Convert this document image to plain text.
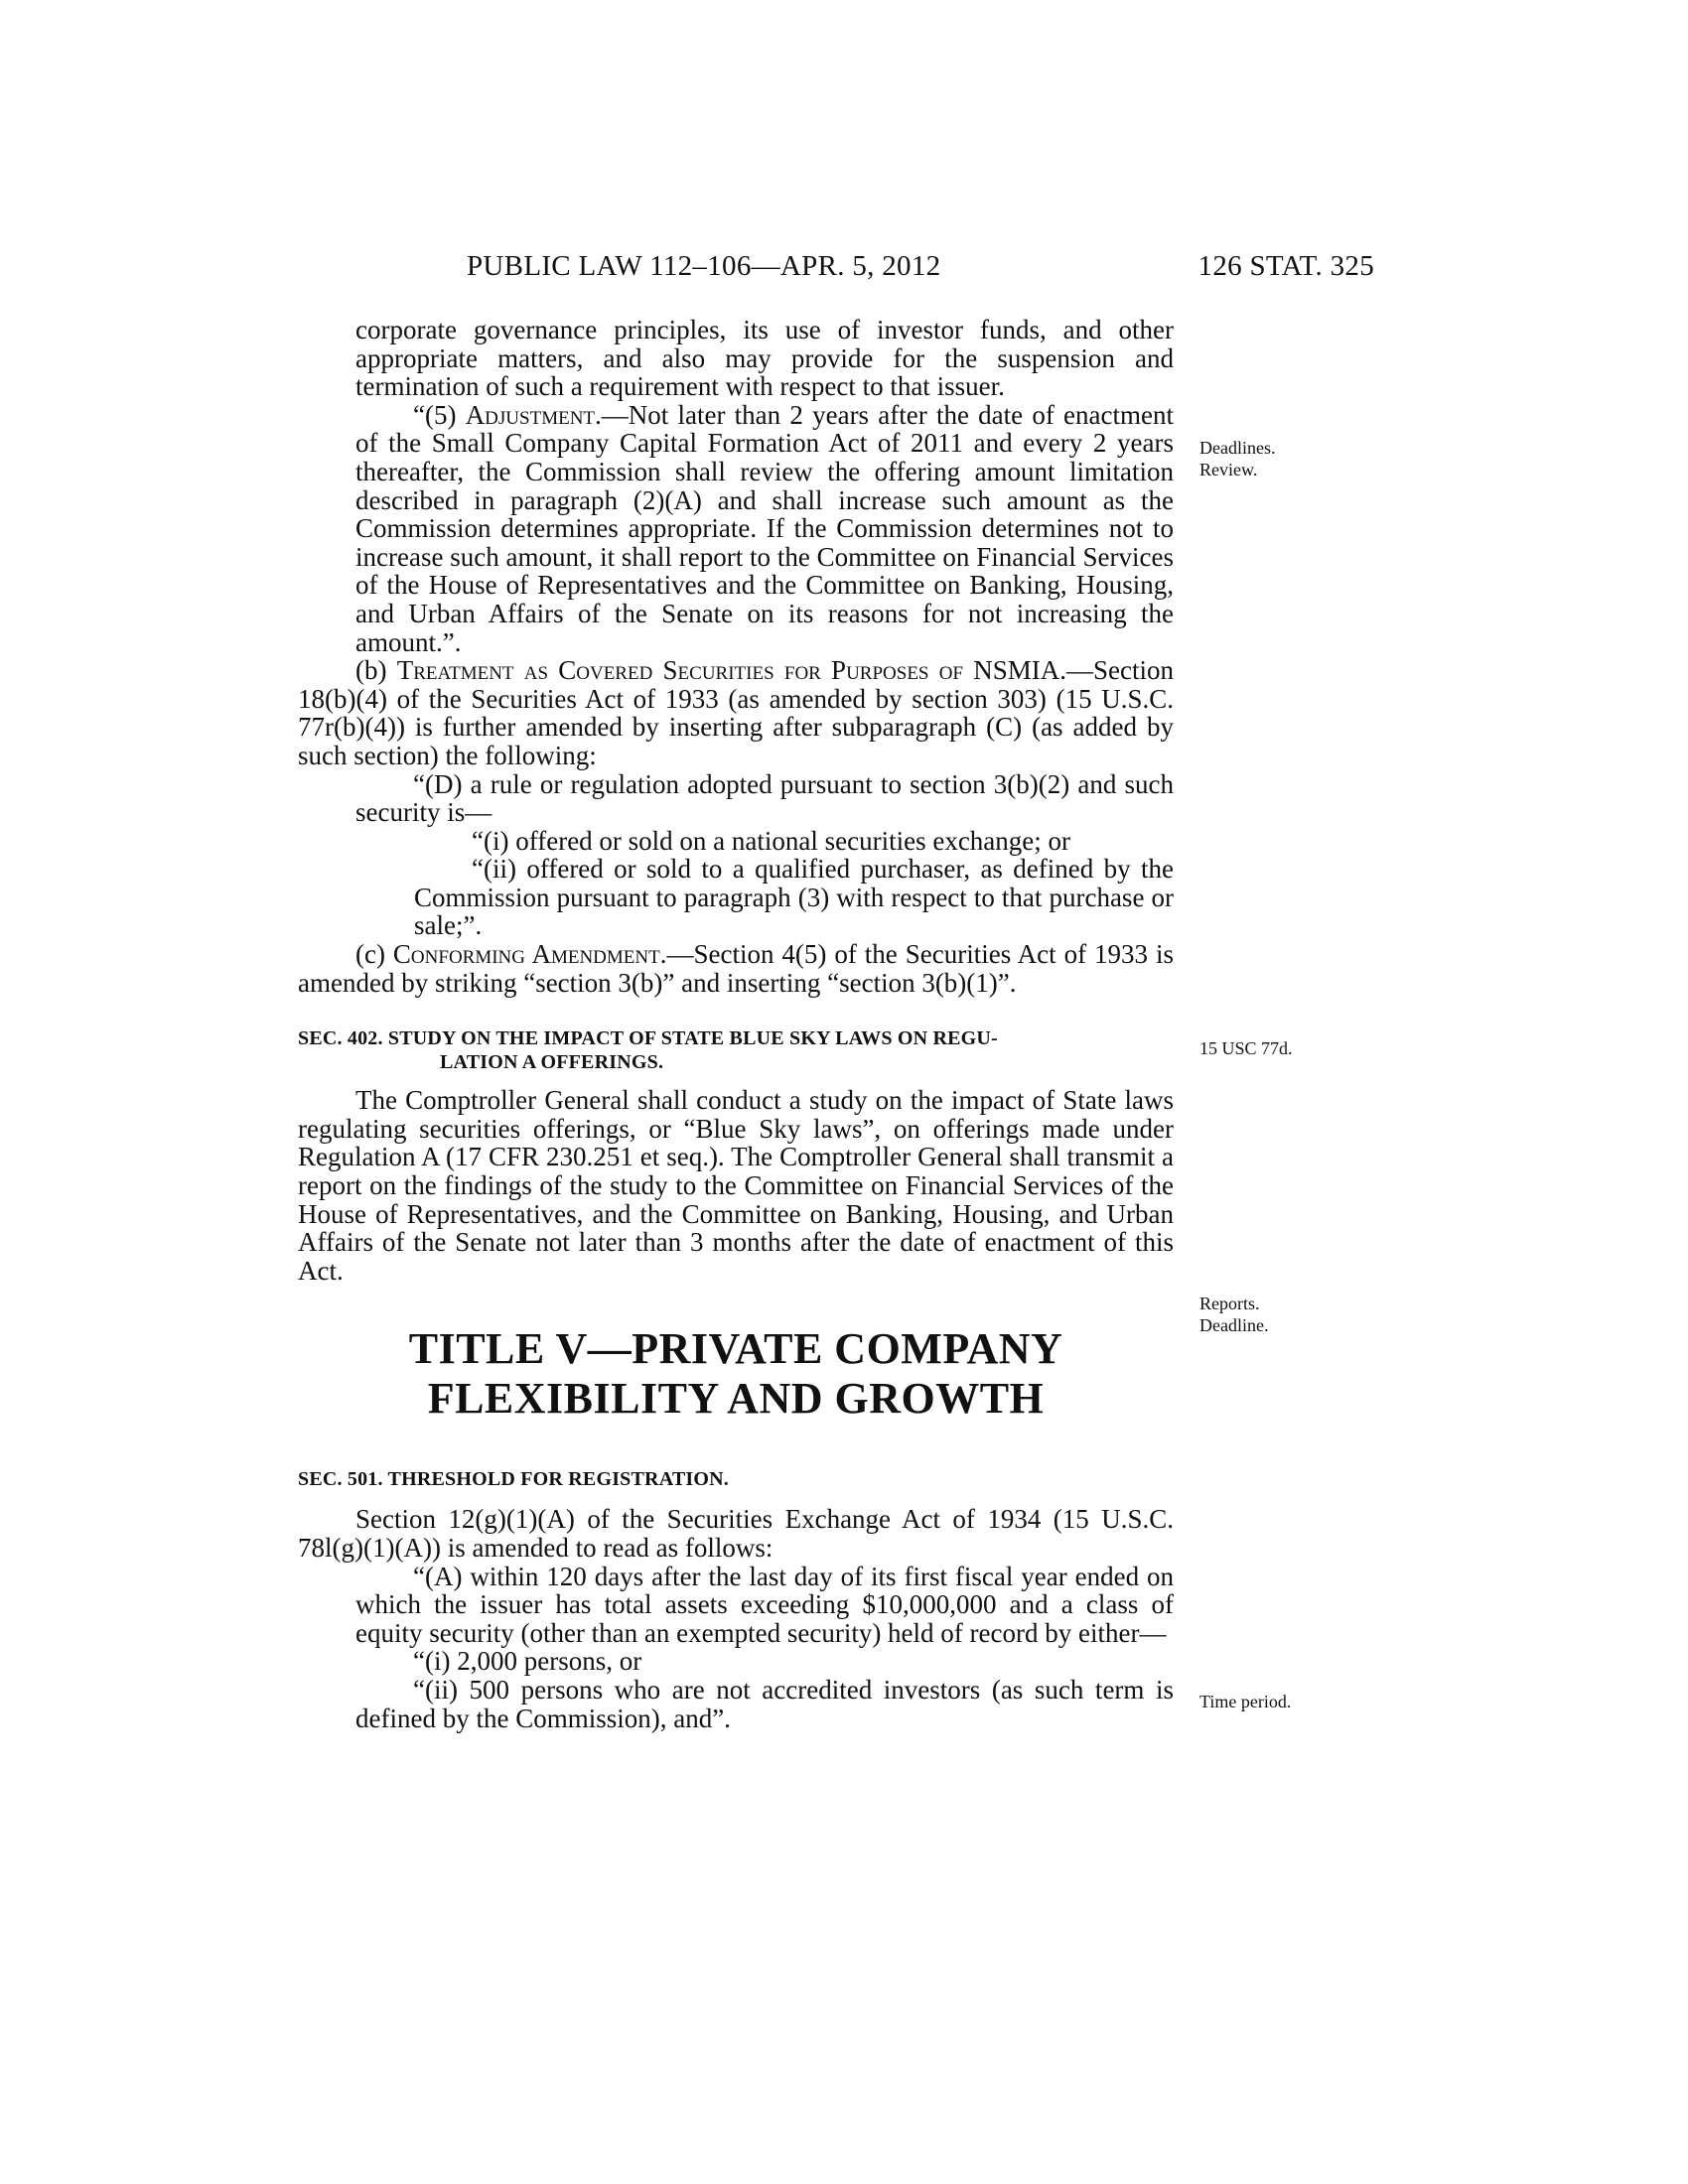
PUBLIC LAW 112–106—APR. 5, 2012	126 STAT. 325

corporate governance principles, its use of investor funds, and other appropriate matters, and also may provide for the suspension and termination of such a requirement with respect to that issuer.

“(5) Adjustment.—Not later than 2 years after the date of enactment of the Small Company Capital Formation Act of 2011 and every 2 years thereafter, the Commission shall review the offering amount limitation described in paragraph (2)(A) and shall increase such amount as the Commission determines appropriate. If the Commission determines not to increase such amount, it shall report to the Committee on Financial Services of the House of Representatives and the Committee on Banking, Housing, and Urban Affairs of the Senate on its reasons for not increasing the amount.”.

(b) Treatment as Covered Securities for Purposes of NSMIA.—Section 18(b)(4) of the Securities Act of 1933 (as amended by section 303) (15 U.S.C. 77r(b)(4)) is further amended by inserting after subparagraph (C) (as added by such section) the following:

“(D) a rule or regulation adopted pursuant to section 3(b)(2) and such security is—

“(i) offered or sold on a national securities exchange; or

“(ii) offered or sold to a qualified purchaser, as defined by the Commission pursuant to paragraph (3) with respect to that purchase or sale;”.

(c) Conforming Amendment.—Section 4(5) of the Securities Act of 1933 is amended by striking “section 3(b)” and inserting “section 3(b)(1)”.

SEC. 402. STUDY ON THE IMPACT OF STATE BLUE SKY LAWS ON REGU-
LATION A OFFERINGS.

The Comptroller General shall conduct a study on the impact of State laws regulating securities offerings, or “Blue Sky laws”, on offerings made under Regulation A (17 CFR 230.251 et seq.). The Comptroller General shall transmit a report on the findings of the study to the Committee on Financial Services of the House of Representatives, and the Committee on Banking, Housing, and Urban Affairs of the Senate not later than 3 months after the date of enactment of this Act.

TITLE V—PRIVATE COMPANY
FLEXIBILITY AND GROWTH

SEC. 501. THRESHOLD FOR REGISTRATION.

Section 12(g)(1)(A) of the Securities Exchange Act of 1934 (15 U.S.C. 78l(g)(1)(A)) is amended to read as follows:

“(A) within 120 days after the last day of its first fiscal year ended on which the issuer has total assets exceeding $10,000,000 and a class of equity security (other than an exempted security) held of record by either—

“(i) 2,000 persons, or

“(ii) 500 persons who are not accredited investors (as such term is defined by the Commission), and”.

Deadlines.
Review.
15 USC 77d.
Reports.
Deadline.
Time period.
